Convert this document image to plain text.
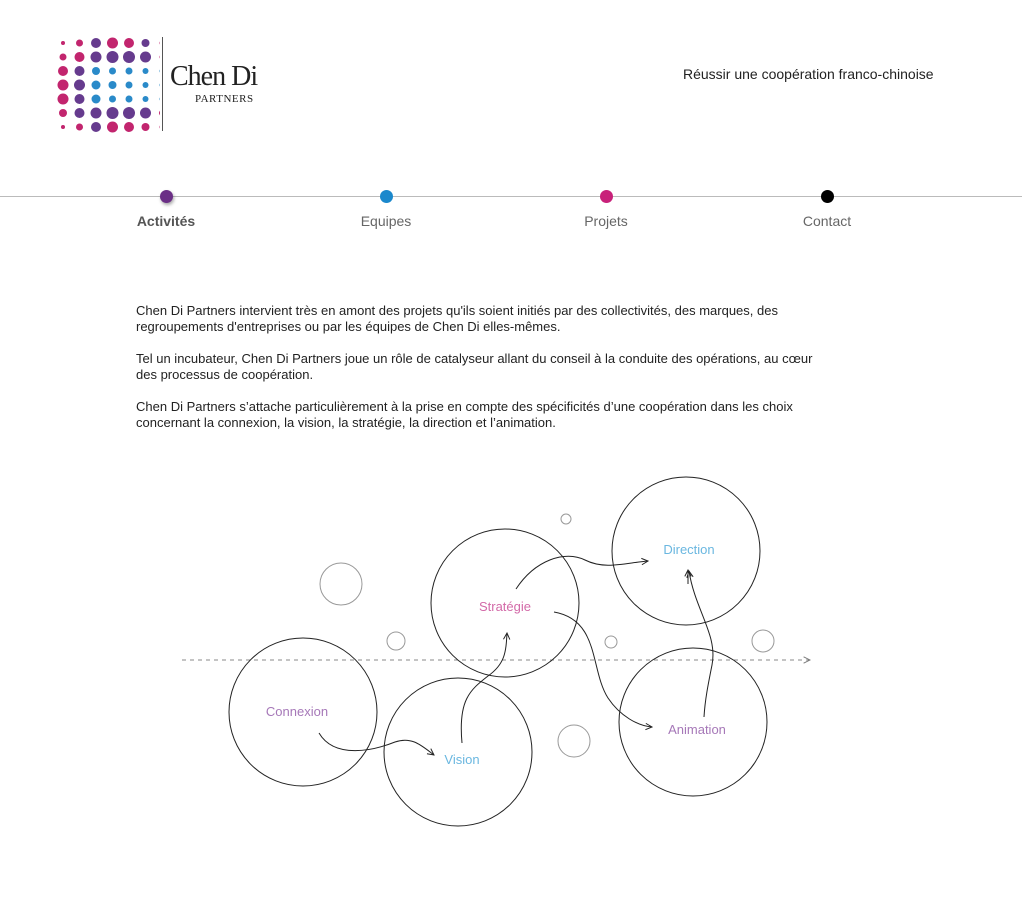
Chen Di
PARTNERS
Réussir une coopération franco-chinoise
Activités	Equipes	Projets	Contact

Chen Di Partners intervient très en amont des projets qu'ils soient initiés par des collectivités, des marques, des regroupements d'entreprises ou par les équipes de Chen Di elles-mêmes.

Tel un incubateur, Chen Di Partners joue un rôle de catalyseur allant du conseil à la conduite des opérations, au cœur des processus de coopération.

Chen Di Partners s’attache particulièrement à la prise en compte des spécificités d’une coopération dans les choix concernant la connexion, la vision, la stratégie, la direction et l’animation.

Connexion
Vision
Stratégie
Direction
Animation
